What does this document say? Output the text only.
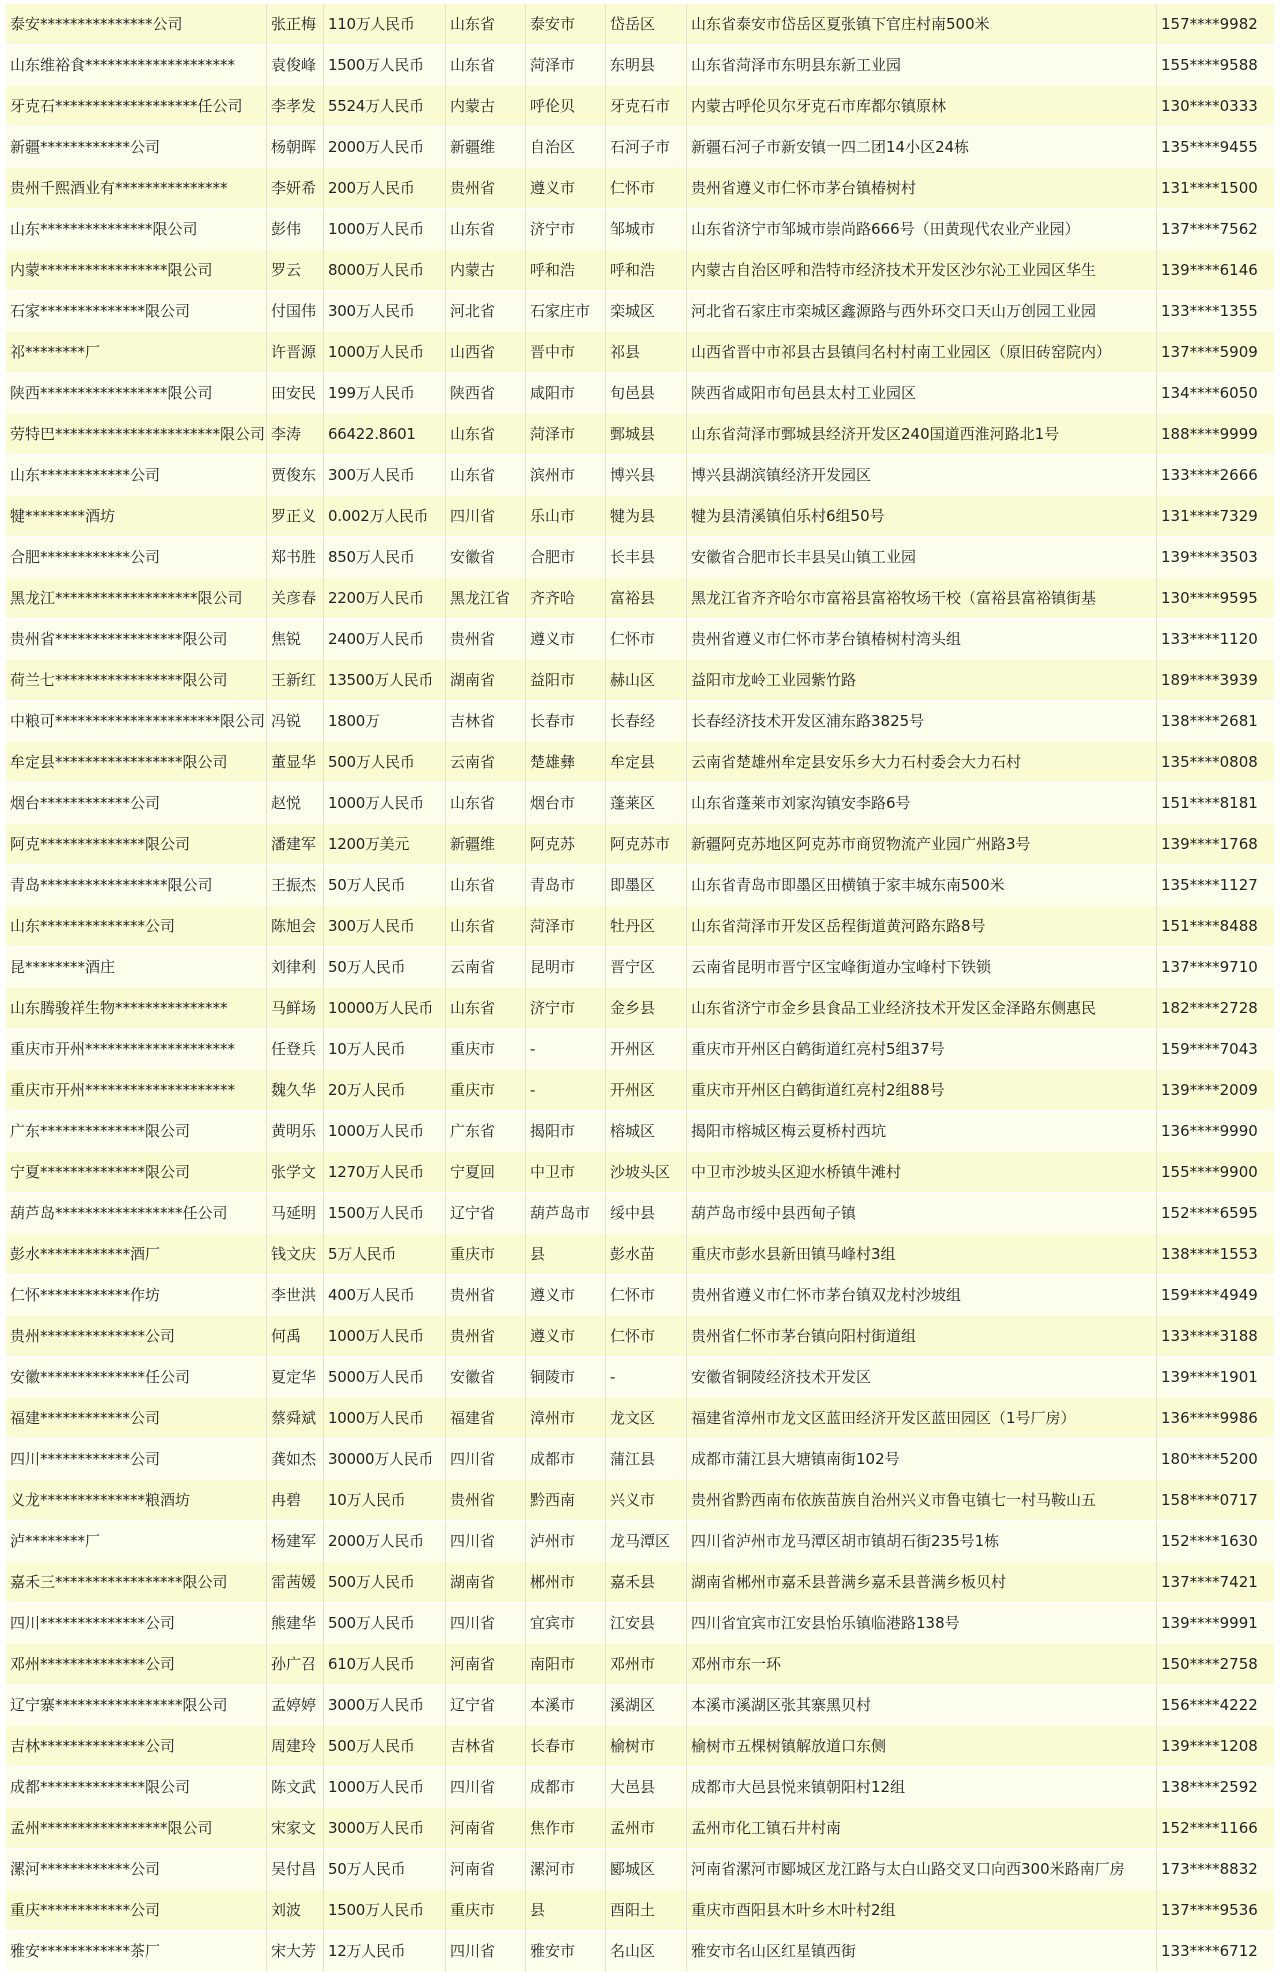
泰安***************公司	张正梅	110万人民币	山东省	泰安市	岱岳区	山东省泰安市岱岳区夏张镇下官庄村南500米	157****9982
山东维裕食********************	袁俊峰	1500万人民币	山东省	菏泽市	东明县	山东省菏泽市东明县东新工业园	155****9588
牙克石*******************任公司	李孝发	5524万人民币	内蒙古	呼伦贝	牙克石市	内蒙古呼伦贝尔牙克石市库都尔镇原林	130****0333
新疆************公司	杨朝晖	2000万人民币	新疆维	自治区	石河子市	新疆石河子市新安镇一四二团14小区24栋	135****9455
贵州千熙酒业有***************	李妍希	200万人民币	贵州省	遵义市	仁怀市	贵州省遵义市仁怀市茅台镇椿树村	131****1500
山东***************限公司	彭伟	1000万人民币	山东省	济宁市	邹城市	山东省济宁市邹城市崇尚路666号（田黄现代农业产业园）	137****7562
内蒙*****************限公司	罗云	8000万人民币	内蒙古	呼和浩	呼和浩	内蒙古自治区呼和浩特市经济技术开发区沙尔沁工业园区华生	139****6146
石家**************限公司	付国伟	300万人民币	河北省	石家庄市	栾城区	河北省石家庄市栾城区鑫源路与西外环交口天山万创园工业园	133****1355
祁********厂	许晋源	1000万人民币	山西省	晋中市	祁县	山西省晋中市祁县古县镇闫名村村南工业园区（原旧砖窑院内）	137****5909
陕西*****************限公司	田安民	199万人民币	陕西省	咸阳市	旬邑县	陕西省咸阳市旬邑县太村工业园区	134****6050
劳特巴**********************限公司	李涛	66422.8601	山东省	菏泽市	鄄城县	山东省菏泽市鄄城县经济开发区240国道西淮河路北1号	188****9999
山东************公司	贾俊东	300万人民币	山东省	滨州市	博兴县	博兴县湖滨镇经济开发园区	133****2666
犍********酒坊	罗正义	0.002万人民币	四川省	乐山市	犍为县	犍为县清溪镇伯乐村6组50号	131****7329
合肥************公司	郑书胜	850万人民币	安徽省	合肥市	长丰县	安徽省合肥市长丰县吴山镇工业园	139****3503
黑龙江*******************限公司	关彦春	2200万人民币	黑龙江省	齐齐哈	富裕县	黑龙江省齐齐哈尔市富裕县富裕牧场干校（富裕县富裕镇街基	130****9595
贵州省*****************限公司	焦锐	2400万人民币	贵州省	遵义市	仁怀市	贵州省遵义市仁怀市茅台镇椿树村湾头组	133****1120
荷兰七*****************限公司	王新红	13500万人民币	湖南省	益阳市	赫山区	益阳市龙岭工业园紫竹路	189****3939
中粮可**********************限公司	冯锐	1800万	吉林省	长春市	长春经	长春经济技术开发区浦东路3825号	138****2681
牟定县*****************限公司	董显华	500万人民币	云南省	楚雄彝	牟定县	云南省楚雄州牟定县安乐乡大力石村委会大力石村	135****0808
烟台************公司	赵悦	1000万人民币	山东省	烟台市	蓬莱区	山东省蓬莱市刘家沟镇安李路6号	151****8181
阿克**************限公司	潘建军	1200万美元	新疆维	阿克苏	阿克苏市	新疆阿克苏地区阿克苏市商贸物流产业园广州路3号	139****1768
青岛*****************限公司	王振杰	50万人民币	山东省	青岛市	即墨区	山东省青岛市即墨区田横镇于家丰城东南500米	135****1127
山东**************公司	陈旭会	300万人民币	山东省	菏泽市	牡丹区	山东省菏泽市开发区岳程街道黄河路东路8号	151****8488
昆********酒庄	刘律利	50万人民币	云南省	昆明市	晋宁区	云南省昆明市晋宁区宝峰街道办宝峰村下铁锁	137****9710
山东腾骏祥生物***************	马鲜场	10000万人民币	山东省	济宁市	金乡县	山东省济宁市金乡县食品工业经济技术开发区金泽路东侧惠民	182****2728
重庆市开州********************	任登兵	10万人民币	重庆市	-	开州区	重庆市开州区白鹤街道红亮村5组37号	159****7043
重庆市开州********************	魏久华	20万人民币	重庆市	-	开州区	重庆市开州区白鹤街道红亮村2组88号	139****2009
广东**************限公司	黄明乐	1000万人民币	广东省	揭阳市	榕城区	揭阳市榕城区梅云夏桥村西坑	136****9990
宁夏**************限公司	张学文	1270万人民币	宁夏回	中卫市	沙坡头区	中卫市沙坡头区迎水桥镇牛滩村	155****9900
葫芦岛*****************任公司	马延明	1500万人民币	辽宁省	葫芦岛市	绥中县	葫芦岛市绥中县西甸子镇	152****6595
彭水************酒厂	钱文庆	5万人民币	重庆市	县	彭水苗	重庆市彭水县新田镇马峰村3组	138****1553
仁怀************作坊	李世洪	400万人民币	贵州省	遵义市	仁怀市	贵州省遵义市仁怀市茅台镇双龙村沙坡组	159****4949
贵州**************公司	何禹	1000万人民币	贵州省	遵义市	仁怀市	贵州省仁怀市茅台镇向阳村街道组	133****3188
安徽**************任公司	夏定华	5000万人民币	安徽省	铜陵市	-	安徽省铜陵经济技术开发区	139****1901
福建************公司	蔡舜斌	1000万人民币	福建省	漳州市	龙文区	福建省漳州市龙文区蓝田经济开发区蓝田园区（1号厂房）	136****9986
四川************公司	龚如杰	30000万人民币	四川省	成都市	蒲江县	成都市蒲江县大塘镇南街102号	180****5200
义龙**************粮酒坊	冉碧	10万人民币	贵州省	黔西南	兴义市	贵州省黔西南布依族苗族自治州兴义市鲁屯镇七一村马鞍山五	158****0717
泸********厂	杨建军	2000万人民币	四川省	泸州市	龙马潭区	四川省泸州市龙马潭区胡市镇胡石街235号1栋	152****1630
嘉禾三*****************限公司	雷茜媛	500万人民币	湖南省	郴州市	嘉禾县	湖南省郴州市嘉禾县普满乡嘉禾县普满乡板贝村	137****7421
四川**************公司	熊建华	500万人民币	四川省	宜宾市	江安县	四川省宜宾市江安县怡乐镇临港路138号	139****9991
邓州**************公司	孙广召	610万人民币	河南省	南阳市	邓州市	邓州市东一环	150****2758
辽宁寨*****************限公司	孟婷婷	3000万人民币	辽宁省	本溪市	溪湖区	本溪市溪湖区张其寨黑贝村	156****4222
吉林**************公司	周建玲	500万人民币	吉林省	长春市	榆树市	榆树市五棵树镇解放道口东侧	139****1208
成都**************限公司	陈文武	1000万人民币	四川省	成都市	大邑县	成都市大邑县悦来镇朝阳村12组	138****2592
孟州*****************限公司	宋家文	3000万人民币	河南省	焦作市	孟州市	孟州市化工镇石井村南	152****1166
漯河************公司	吴付昌	50万人民币	河南省	漯河市	郾城区	河南省漯河市郾城区龙江路与太白山路交叉口向西300米路南厂房	173****8832
重庆************公司	刘波	1500万人民币	重庆市	县	酉阳土	重庆市酉阳县木叶乡木叶村2组	137****9536
雅安************茶厂	宋大芳	12万人民币	四川省	雅安市	名山区	雅安市名山区红星镇西街	133****6712
